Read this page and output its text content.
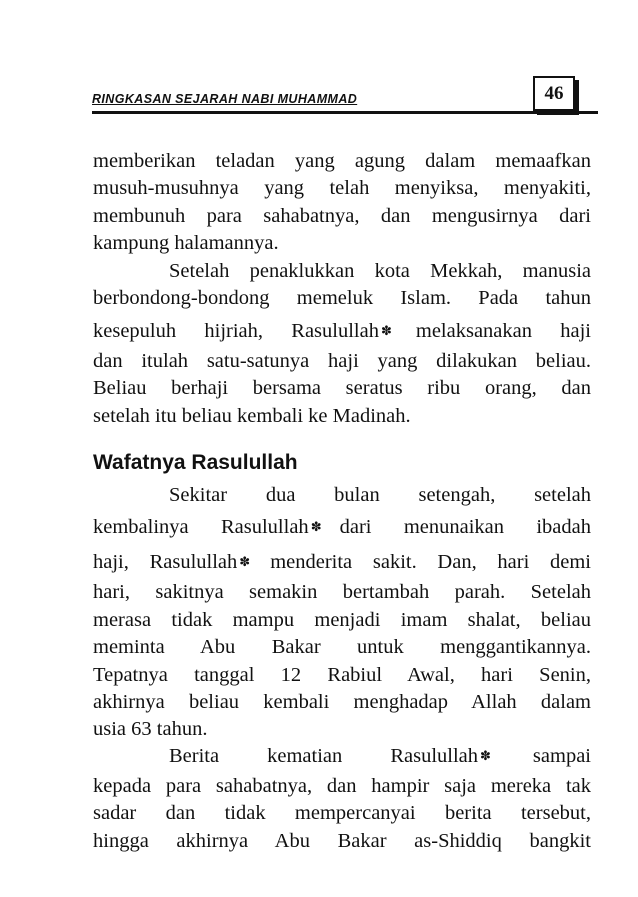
RINGKASAN SEJARAH NABI MUHAMMAD	46
memberikan teladan yang agung dalam memaafkan
musuh-musuhnya yang telah menyiksa, menyakiti,
membunuh para sahabatnya, dan mengusirnya dari
kampung halamannya.
Setelah penaklukkan kota Mekkah, manusia
berbondong-bondong memeluk Islam. Pada tahun
kesepuluh hijriah, Rasulullah ✽ melaksanakan haji
dan itulah satu-satunya haji yang dilakukan beliau.
Beliau berhaji bersama seratus ribu orang, dan
setelah itu beliau kembali ke Madinah.
Wafatnya Rasulullah
Sekitar dua bulan setengah, setelah
kembalinya Rasulullah ✽ dari menunaikan ibadah
haji, Rasulullah ✽ menderita sakit. Dan, hari demi
hari, sakitnya semakin bertambah parah. Setelah
merasa tidak mampu menjadi imam shalat, beliau
meminta Abu Bakar untuk menggantikannya.
Tepatnya tanggal 12 Rabiul Awal, hari Senin,
akhirnya beliau kembali menghadap Allah dalam
usia 63 tahun.
Berita kematian Rasulullah ✽ sampai
kepada para sahabatnya, dan hampir saja mereka tak
sadar dan tidak mempercanyai berita tersebut,
hingga akhirnya Abu Bakar as-Shiddiq bangkit
